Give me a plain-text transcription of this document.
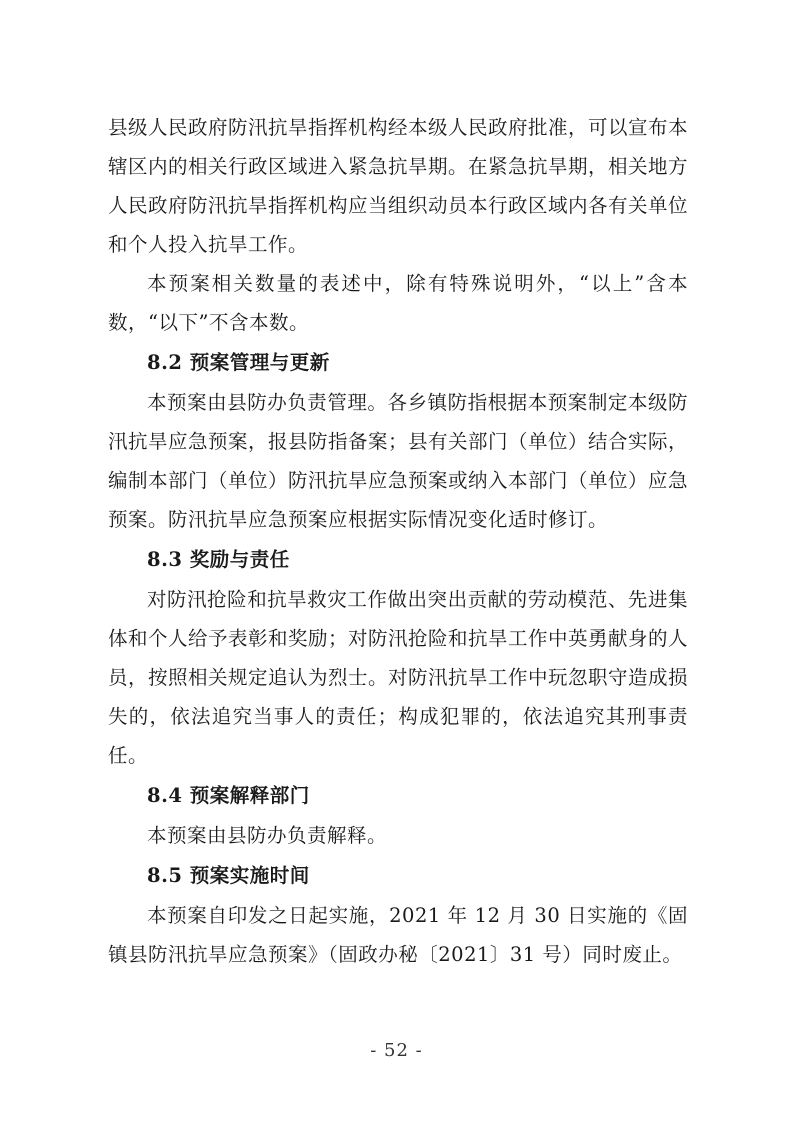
县级人民政府防汛抗旱指挥机构经本级人民政府批准，可以宣布本辖区内的相关行政区域进入紧急抗旱期。在紧急抗旱期，相关地方人民政府防汛抗旱指挥机构应当组织动员本行政区域内各有关单位和个人投入抗旱工作。

本预案相关数量的表述中，除有特殊说明外，“以上”含本数，“以下”不含本数。

8.2 预案管理与更新

本预案由县防办负责管理。各乡镇防指根据本预案制定本级防汛抗旱应急预案，报县防指备案；县有关部门（单位）结合实际，编制本部门（单位）防汛抗旱应急预案或纳入本部门（单位）应急预案。防汛抗旱应急预案应根据实际情况变化适时修订。

8.3 奖励与责任

对防汛抢险和抗旱救灾工作做出突出贡献的劳动模范、先进集体和个人给予表彰和奖励；对防汛抢险和抗旱工作中英勇献身的人员，按照相关规定追认为烈士。对防汛抗旱工作中玩忽职守造成损失的，依法追究当事人的责任；构成犯罪的，依法追究其刑事责任。

8.4 预案解释部门

本预案由县防办负责解释。

8.5 预案实施时间

本预案自印发之日起实施，2021 年 12 月 30 日实施的《固镇县防汛抗旱应急预案》（固政办秘〔2021〕31 号）同时废止。

- 52 -
